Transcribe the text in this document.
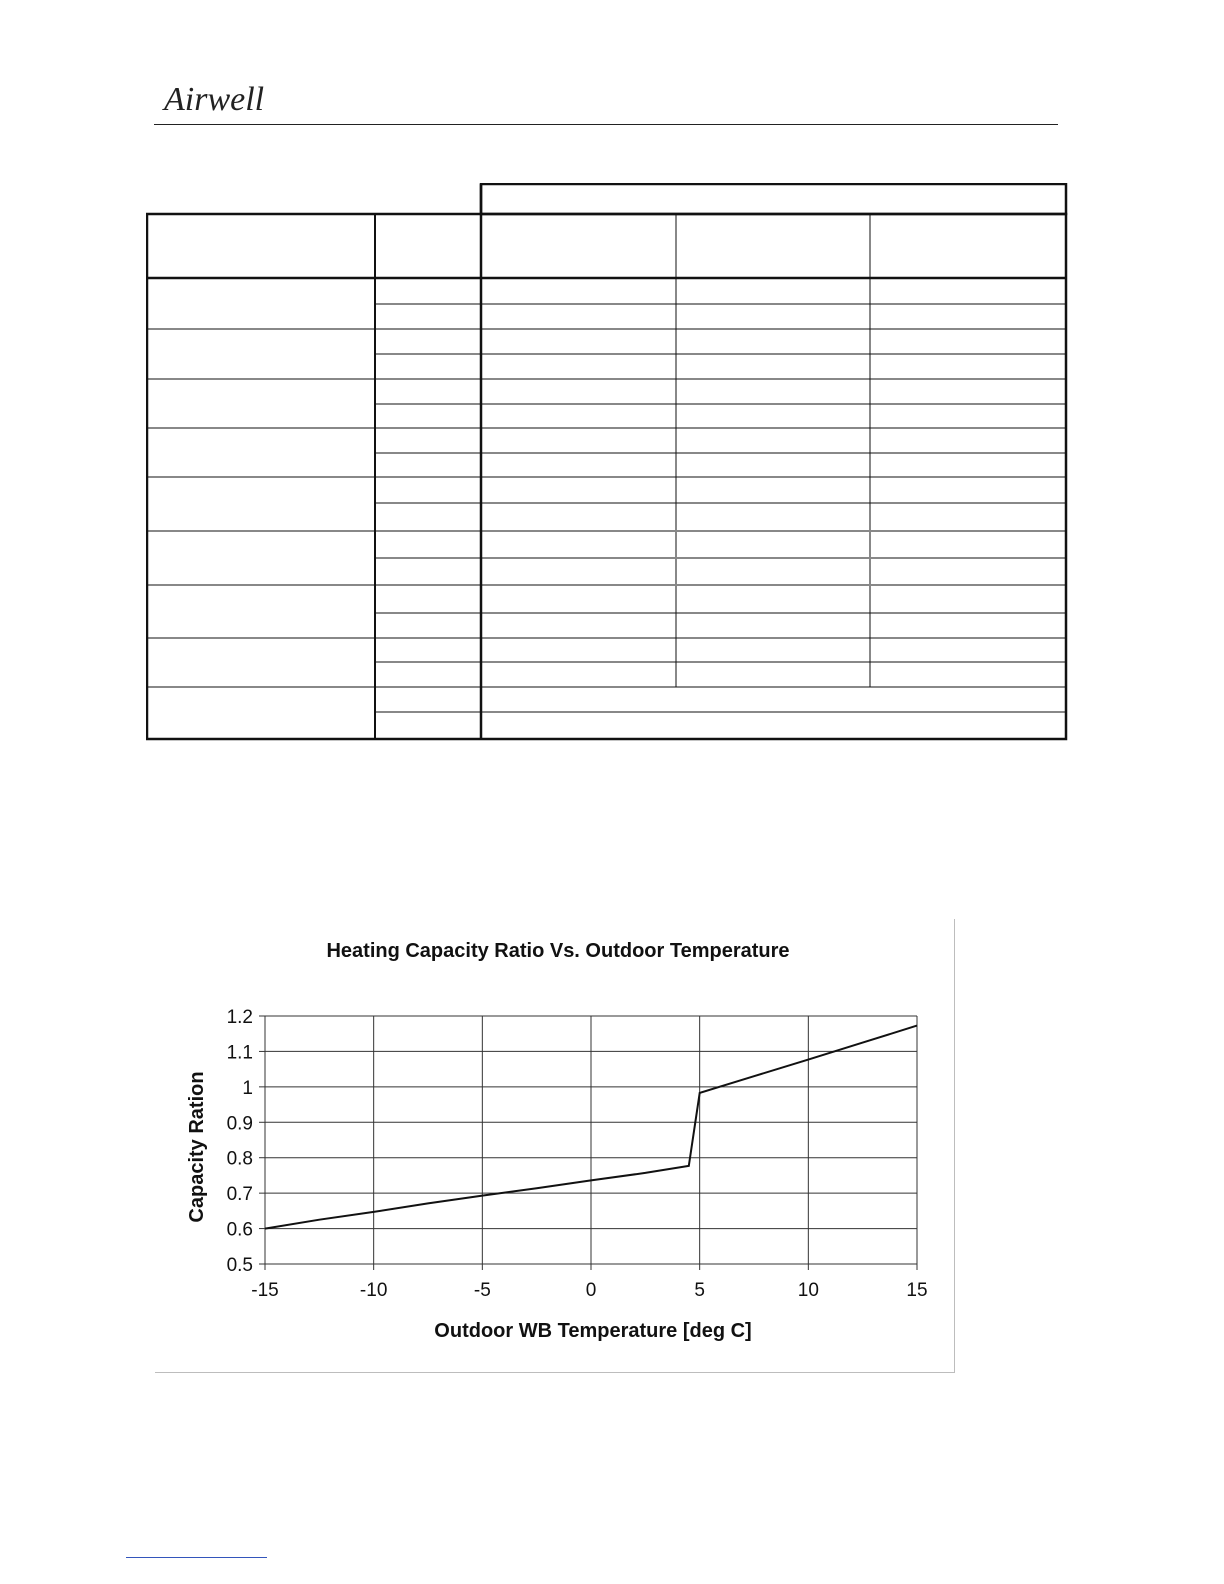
Airwell
Heating Capacity Ratio Vs. Outdoor Temperature
0.5
0.6
0.7
0.8
0.9
1
1.1
1.2
-15	-10	-5	0	5	10	15
Outdoor WB Temperature [deg C]
Capacity Ration
